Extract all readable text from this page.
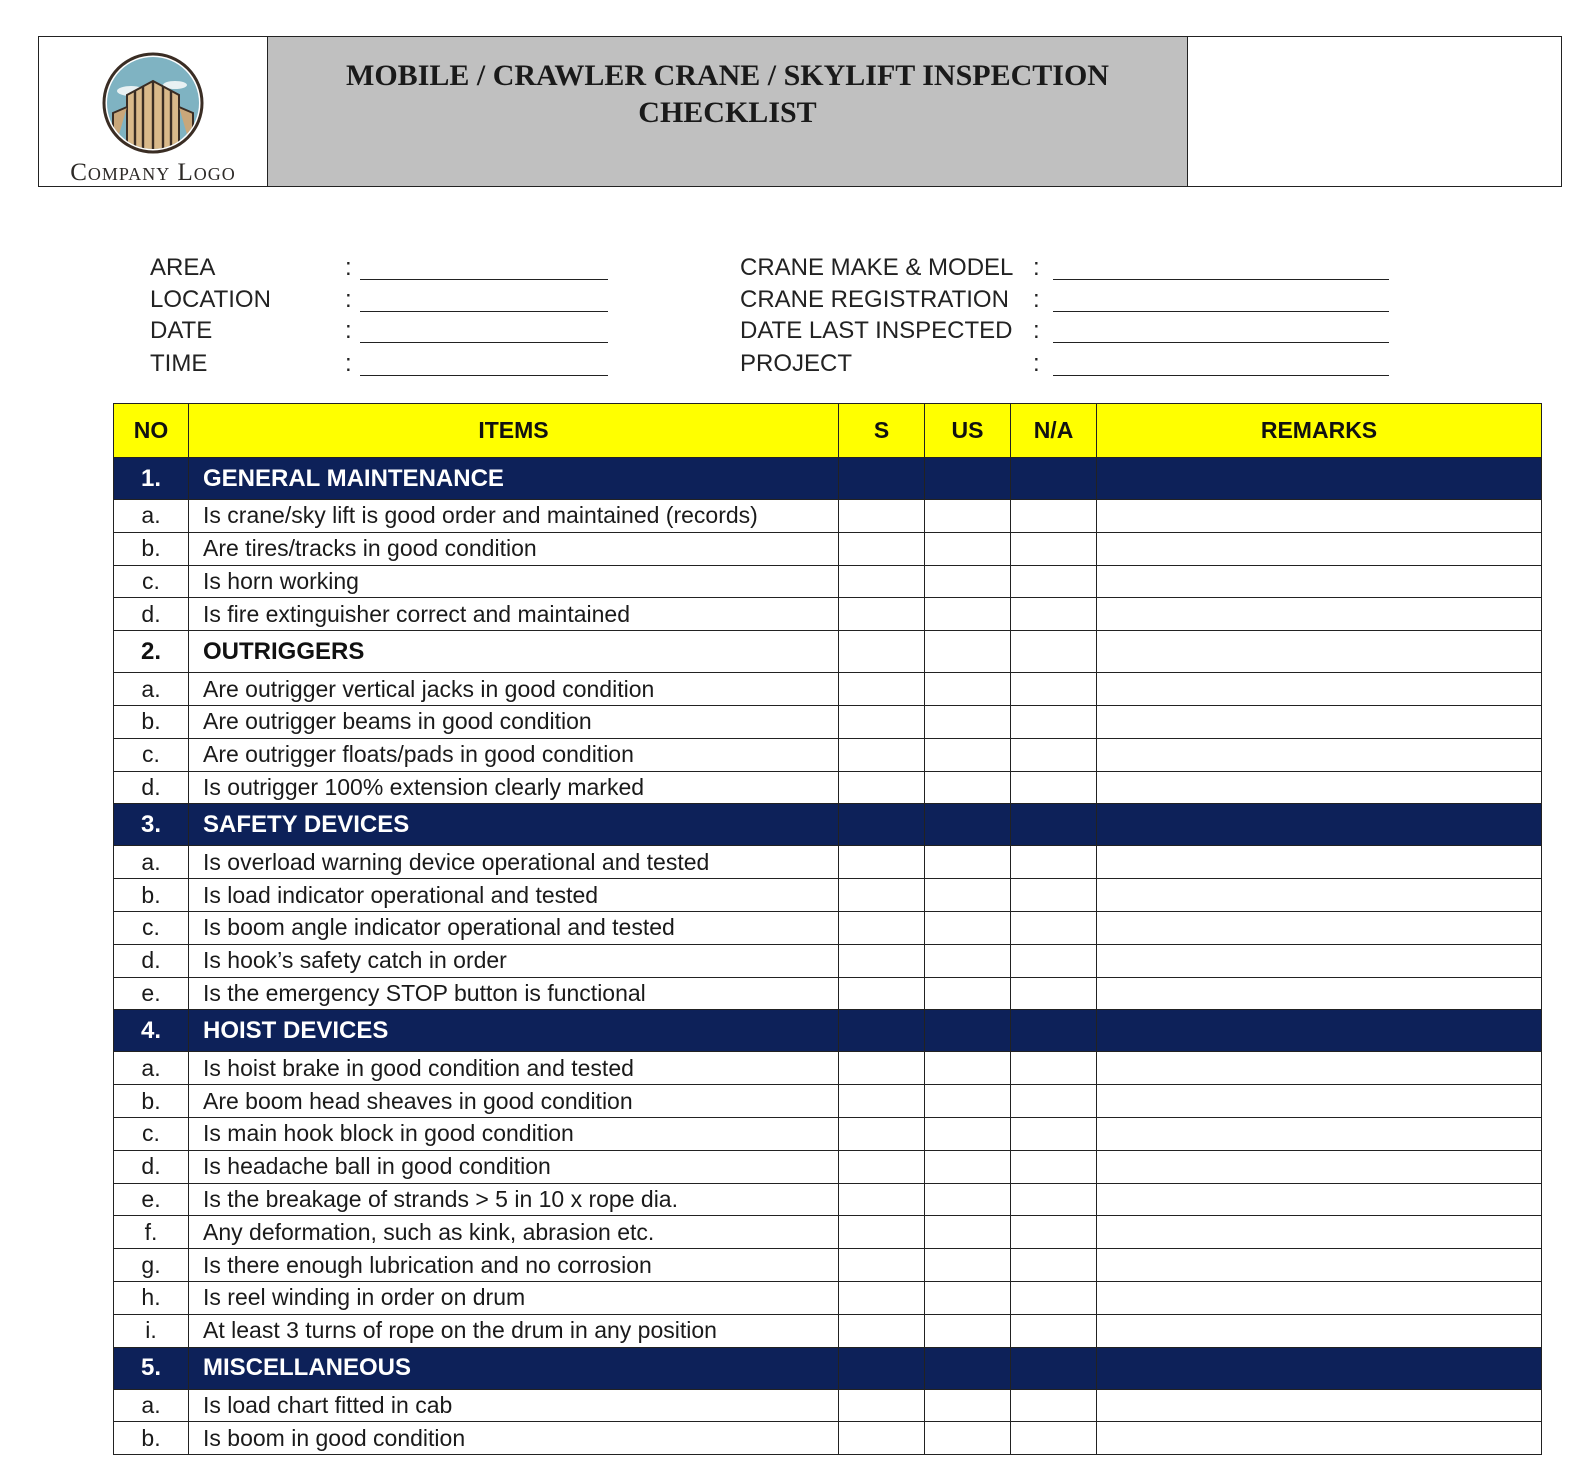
Company Logo
MOBILE / CRAWLER CRANE / SKYLIFT INSPECTION CHECKLIST
AREA	:
LOCATION	:
DATE	:
TIME	:
CRANE MAKE & MODEL :
CRANE REGISTRATION :
DATE LAST INSPECTED :
PROJECT	:
NO	ITEMS	S	US	N/A	REMARKS
1.	GENERAL MAINTENANCE				
a.	Is crane/sky lift is good order and maintained (records)				
b.	Are tires/tracks in good condition				
c.	Is horn working				
d.	Is fire extinguisher correct and maintained				
2.	OUTRIGGERS				
a.	Are outrigger vertical jacks in good condition				
b.	Are outrigger beams in good condition				
c.	Are outrigger floats/pads in good condition				
d.	Is outrigger 100% extension clearly marked				
3.	SAFETY DEVICES				
a.	Is overload warning device operational and tested				
b.	Is load indicator operational and tested				
c.	Is boom angle indicator operational and tested				
d.	Is hook’s safety catch in order				
e.	Is the emergency STOP button is functional				
4.	HOIST DEVICES				
a.	Is hoist brake in good condition and tested				
b.	Are boom head sheaves in good condition				
c.	Is main hook block in good condition				
d.	Is headache ball in good condition				
e.	Is the breakage of strands > 5 in 10 x rope dia.				
f.	Any deformation, such as kink, abrasion etc.				
g.	Is there enough lubrication and no corrosion				
h.	Is reel winding in order on drum				
i.	At least 3 turns of rope on the drum in any position				
5.	MISCELLANEOUS				
a.	Is load chart fitted in cab				
b.	Is boom in good condition				
